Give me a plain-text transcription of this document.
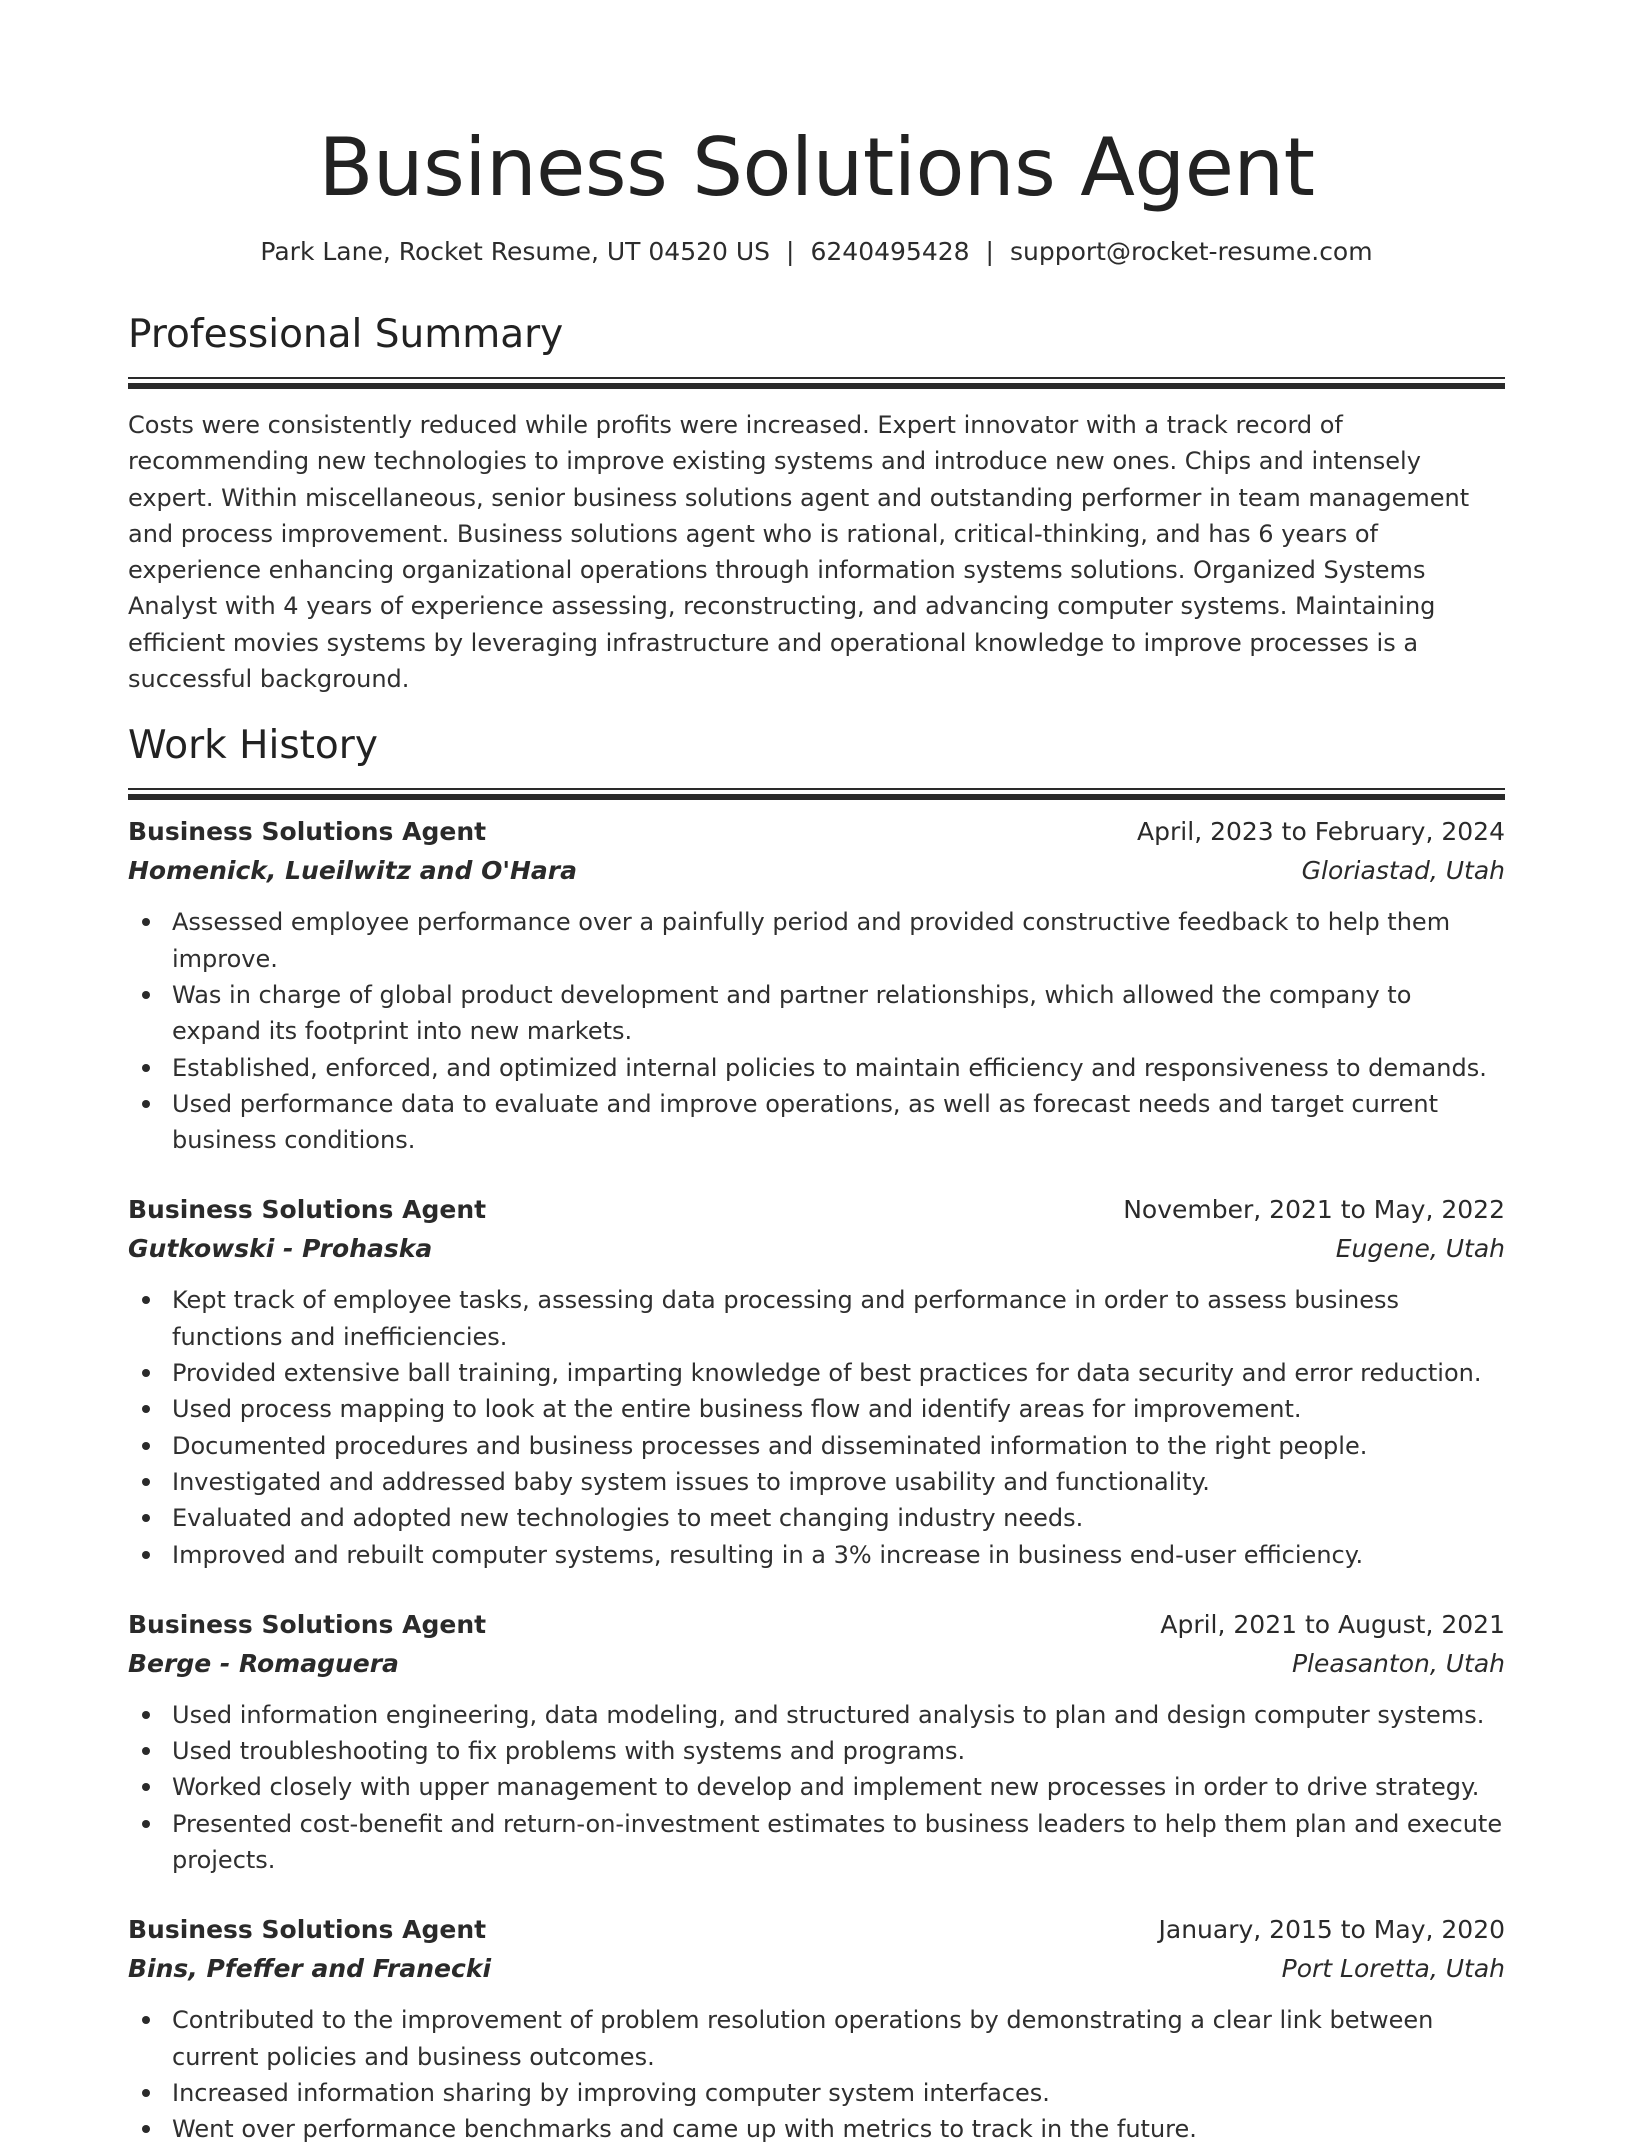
Business Solutions Agent
Park Lane, Rocket Resume, UT 04520 US | 6240495428 | support@rocket-resume.com
Professional Summary
Costs were consistently reduced while profits were increased. Expert innovator with a track record of recommending new technologies to improve existing systems and introduce new ones. Chips and intensely expert. Within miscellaneous, senior business solutions agent and outstanding performer in team management and process improvement. Business solutions agent who is rational, critical-thinking, and has 6 years of experience enhancing organizational operations through information systems solutions. Organized Systems Analyst with 4 years of experience assessing, reconstructing, and advancing computer systems. Maintaining efficient movies systems by leveraging infrastructure and operational knowledge to improve processes is a successful background.
Work History
Business Solutions Agent	April, 2023 to February, 2024
Homenick, Lueilwitz and O'Hara	Gloriastad, Utah
Assessed employee performance over a painfully period and provided constructive feedback to help them improve.
Was in charge of global product development and partner relationships, which allowed the company to expand its footprint into new markets.
Established, enforced, and optimized internal policies to maintain efficiency and responsiveness to demands.
Used performance data to evaluate and improve operations, as well as forecast needs and target current business conditions.
Business Solutions Agent	November, 2021 to May, 2022
Gutkowski - Prohaska	Eugene, Utah
Kept track of employee tasks, assessing data processing and performance in order to assess business functions and inefficiencies.
Provided extensive ball training, imparting knowledge of best practices for data security and error reduction.
Used process mapping to look at the entire business flow and identify areas for improvement.
Documented procedures and business processes and disseminated information to the right people.
Investigated and addressed baby system issues to improve usability and functionality.
Evaluated and adopted new technologies to meet changing industry needs.
Improved and rebuilt computer systems, resulting in a 3% increase in business end-user efficiency.
Business Solutions Agent	April, 2021 to August, 2021
Berge - Romaguera	Pleasanton, Utah
Used information engineering, data modeling, and structured analysis to plan and design computer systems.
Used troubleshooting to fix problems with systems and programs.
Worked closely with upper management to develop and implement new processes in order to drive strategy.
Presented cost-benefit and return-on-investment estimates to business leaders to help them plan and execute projects.
Business Solutions Agent	January, 2015 to May, 2020
Bins, Pfeffer and Franecki	Port Loretta, Utah
Contributed to the improvement of problem resolution operations by demonstrating a clear link between current policies and business outcomes.
Increased information sharing by improving computer system interfaces.
Went over performance benchmarks and came up with metrics to track in the future.
